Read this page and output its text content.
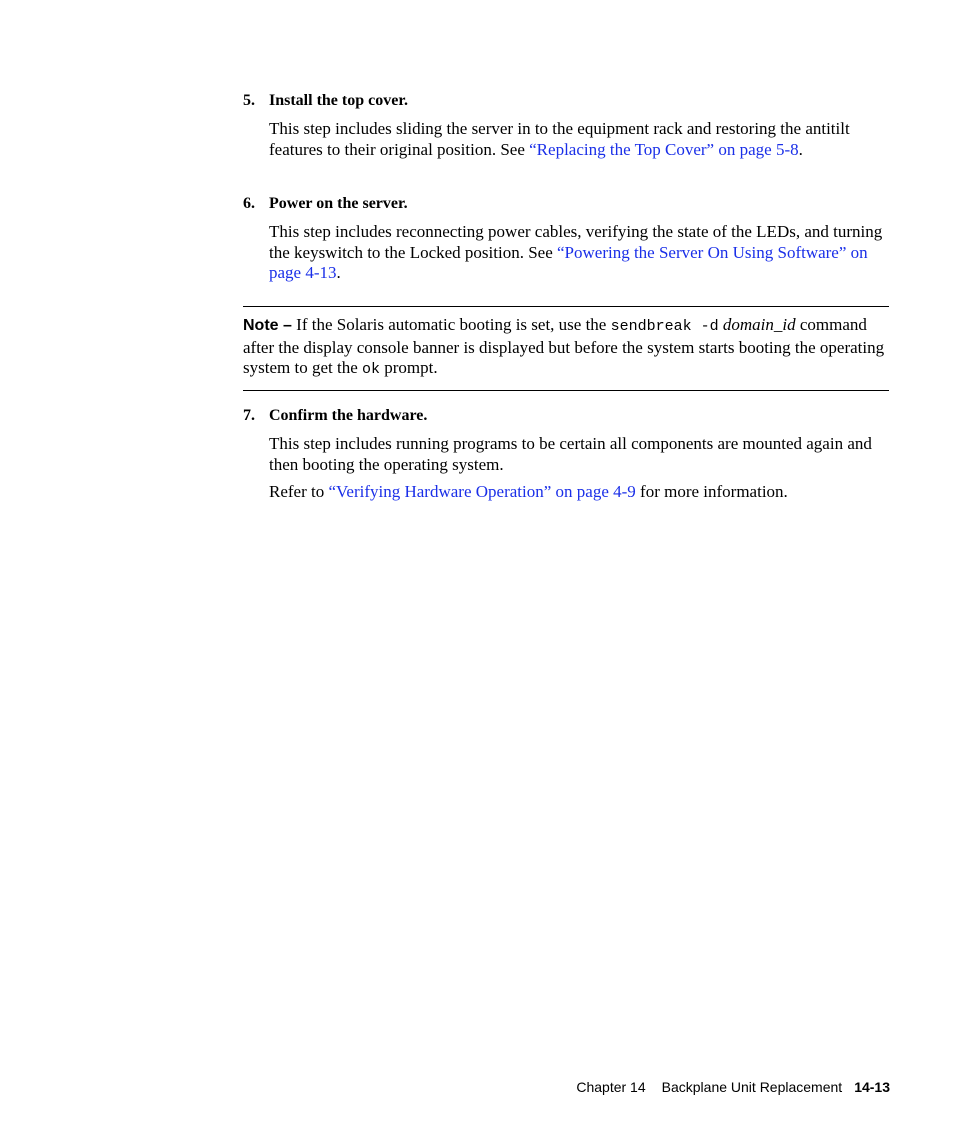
5. Install the top cover.
This step includes sliding the server in to the equipment rack and restoring the antitilt features to their original position. See “Replacing the Top Cover” on page 5-8.
6. Power on the server.
This step includes reconnecting power cables, verifying the state of the LEDs, and turning the keyswitch to the Locked position. See “Powering the Server On Using Software” on page 4-13.
Note – If the Solaris automatic booting is set, use the sendbreak -d domain_id command after the display console banner is displayed but before the system starts booting the operating system to get the ok prompt.
7. Confirm the hardware.
This step includes running programs to be certain all components are mounted again and then booting the operating system.
Refer to “Verifying Hardware Operation” on page 4-9 for more information.
Chapter 14 Backplane Unit Replacement 14-13
